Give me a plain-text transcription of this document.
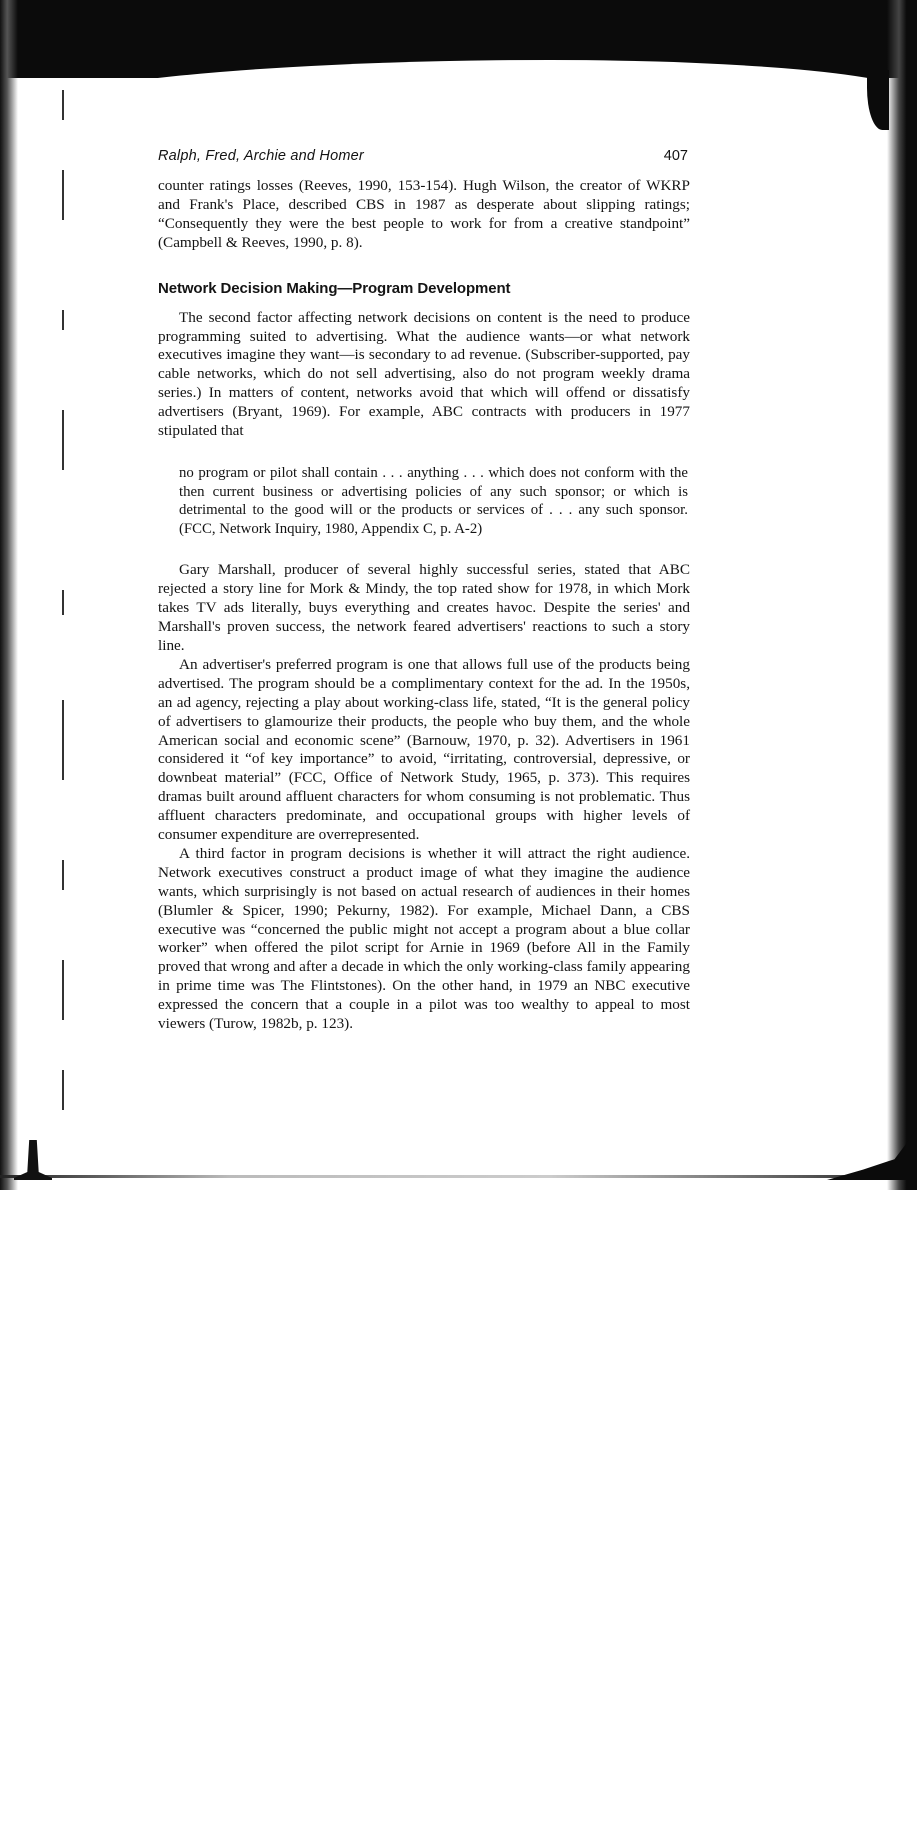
Ralph, Fred, Archie and Homer	407

counter ratings losses (Reeves, 1990, 153-154). Hugh Wilson, the creator of WKRP and Frank's Place, described CBS in 1987 as desperate about slipping ratings; “Consequently they were the best people to work for from a creative standpoint” (Campbell & Reeves, 1990, p. 8).

Network Decision Making—Program Development

The second factor affecting network decisions on content is the need to produce programming suited to advertising. What the audience wants—or what network executives imagine they want—is secondary to ad revenue. (Subscriber-supported, pay cable networks, which do not sell advertising, also do not program weekly drama series.) In matters of content, networks avoid that which will offend or dissatisfy advertisers (Bryant, 1969). For example, ABC contracts with producers in 1977 stipulated that

no program or pilot shall contain . . . anything . . . which does not conform with the then current business or advertising policies of any such sponsor; or which is detrimental to the good will or the products or services of . . . any such sponsor. (FCC, Network Inquiry, 1980, Appendix C, p. A-2)

Gary Marshall, producer of several highly successful series, stated that ABC rejected a story line for Mork & Mindy, the top rated show for 1978, in which Mork takes TV ads literally, buys everything and creates havoc. Despite the series' and Marshall's proven success, the network feared advertisers' reactions to such a story line.

An advertiser's preferred program is one that allows full use of the products being advertised. The program should be a complimentary context for the ad. In the 1950s, an ad agency, rejecting a play about working-class life, stated, “It is the general policy of advertisers to glamourize their products, the people who buy them, and the whole American social and economic scene” (Barnouw, 1970, p. 32). Advertisers in 1961 considered it “of key importance” to avoid, “irritating, controversial, depressive, or downbeat material” (FCC, Office of Network Study, 1965, p. 373). This requires dramas built around affluent characters for whom consuming is not problematic. Thus affluent characters predominate, and occupational groups with higher levels of consumer expenditure are overrepresented.

A third factor in program decisions is whether it will attract the right audience. Network executives construct a product image of what they imagine the audience wants, which surprisingly is not based on actual research of audiences in their homes (Blumler & Spicer, 1990; Pekurny, 1982). For example, Michael Dann, a CBS executive was “concerned the public might not accept a program about a blue collar worker” when offered the pilot script for Arnie in 1969 (before All in the Family proved that wrong and after a decade in which the only working-class family appearing in prime time was The Flintstones). On the other hand, in 1979 an NBC executive expressed the concern that a couple in a pilot was too wealthy to appeal to most viewers (Turow, 1982b, p. 123).
